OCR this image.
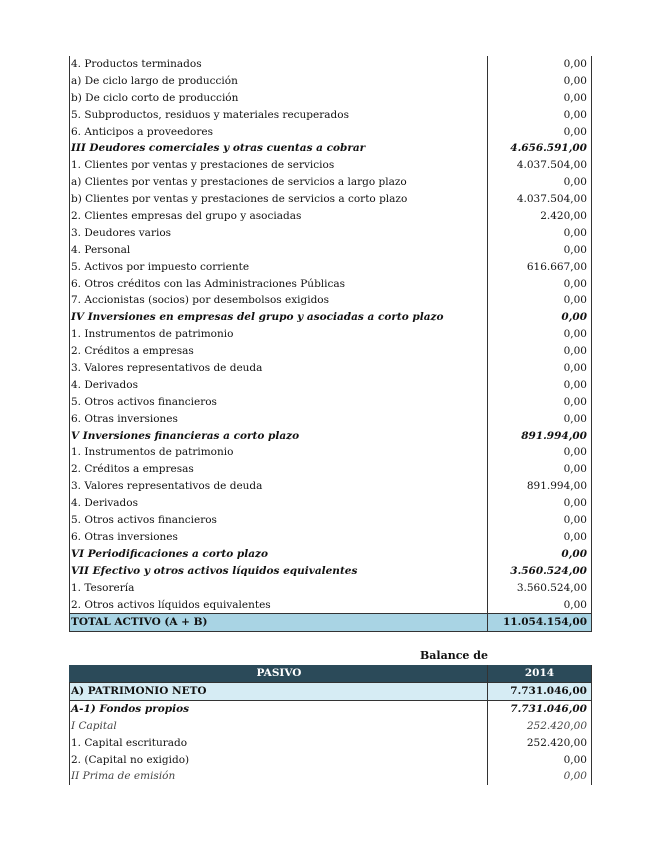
4. Productos terminados	0,00
a) De ciclo largo de producción	0,00
b) De ciclo corto de producción	0,00
5. Subproductos, residuos y materiales recuperados	0,00
6. Anticipos a proveedores	0,00
III Deudores comerciales y otras cuentas a cobrar	4.656.591,00
1. Clientes por ventas y prestaciones de servicios	4.037.504,00
a) Clientes por ventas y prestaciones de servicios a largo plazo	0,00
b) Clientes por ventas y prestaciones de servicios a corto plazo	4.037.504,00
2. Clientes empresas del grupo y asociadas	2.420,00
3. Deudores varios	0,00
4. Personal	0,00
5. Activos por impuesto corriente	616.667,00
6. Otros créditos con las Administraciones Públicas	0,00
7. Accionistas (socios) por desembolsos exigidos	0,00
IV Inversiones en empresas del grupo y asociadas a corto plazo	0,00
1. Instrumentos de patrimonio	0,00
2. Créditos a empresas	0,00
3. Valores representativos de deuda	0,00
4. Derivados	0,00
5. Otros activos financieros	0,00
6. Otras inversiones	0,00
V Inversiones financieras a corto plazo	891.994,00
1. Instrumentos de patrimonio	0,00
2. Créditos a empresas	0,00
3. Valores representativos de deuda	891.994,00
4. Derivados	0,00
5. Otros activos financieros	0,00
6. Otras inversiones	0,00
VI Periodificaciones a corto plazo	0,00
VII Efectivo y otros activos líquidos equivalentes	3.560.524,00
1. Tesorería	3.560.524,00
2. Otros activos líquidos equivalentes	0,00
TOTAL ACTIVO (A + B)	11.054.154,00
Balance de
PASIVO	2014
A) PATRIMONIO NETO	7.731.046,00
A-1) Fondos propios	7.731.046,00
I Capital	252.420,00
1. Capital escriturado	252.420,00
2. (Capital no exigido)	0,00
II Prima de emisión	0,00
